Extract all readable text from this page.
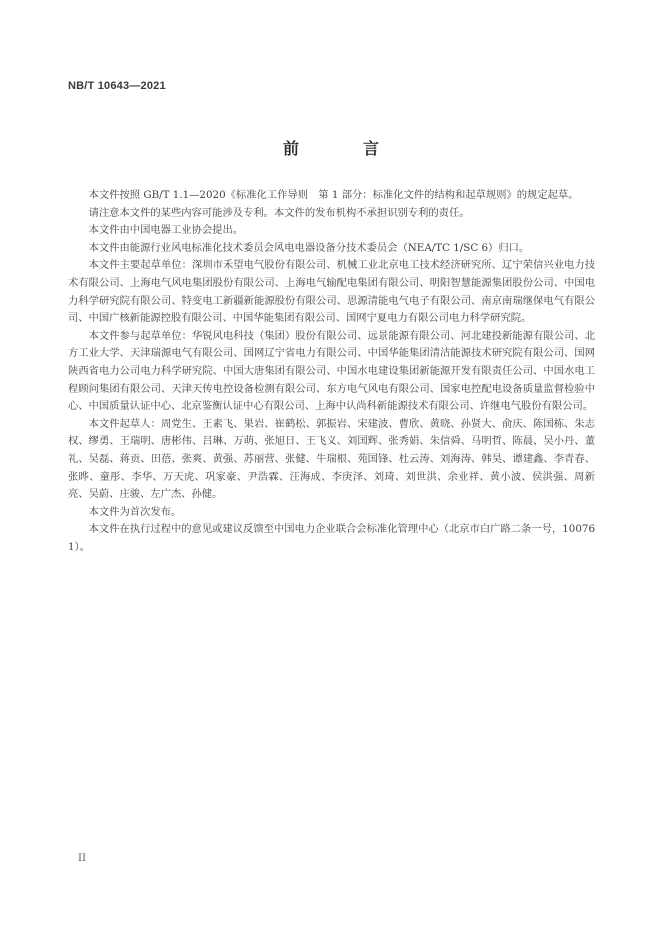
NB/T 10643—2021
前　言

本文件按照 GB/T 1.1—2020《标准化工作导则　第 1 部分：标准化文件的结构和起草规则》的规定起草。

请注意本文件的某些内容可能涉及专利。本文件的发布机构不承担识别专利的责任。

本文件由中国电器工业协会提出。

本文件由能源行业风电标准化技术委员会风电电器设备分技术委员会（NEA/TC 1/SC 6）归口。

本文件主要起草单位：深圳市禾望电气股份有限公司、机械工业北京电工技术经济研究所、辽宁荣信兴业电力技术有限公司、上海电气风电集团股份有限公司、上海电气输配电集团有限公司、明阳智慧能源集团股份公司、中国电力科学研究院有限公司、特变电工新疆新能源股份有限公司、思源清能电气电子有限公司、南京南瑞继保电气有限公司、中国广核新能源控股有限公司、中国华能集团有限公司、国网宁夏电力有限公司电力科学研究院。

本文件参与起草单位：华锐风电科技（集团）股份有限公司、远景能源有限公司、河北建投新能源有限公司、北方工业大学、天津瑞源电气有限公司、国网辽宁省电力有限公司、中国华能集团清洁能源技术研究院有限公司、国网陕西省电力公司电力科学研究院、中国大唐集团有限公司、中国水电建设集团新能源开发有限责任公司、中国水电工程顾问集团有限公司、天津天传电控设备检测有限公司、东方电气风电有限公司、国家电控配电设备质量监督检验中心、中国质量认证中心、北京鉴衡认证中心有限公司、上海中认尚科新能源技术有限公司、许继电气股份有限公司。

本文件起草人：周党生、王素飞、果岩、崔鹤松、郭振岩、宋建波、曹欣、黄晓、孙贤大、俞庆、陈国栋、朱志权、缪勇、王瑞明、唐彬伟、吕琳、万萌、张旭日、王飞义、刘国辉、张秀娟、朱信舜、马明哲、陈晨、吴小丹、董礼、吴磊、蒋贡、田蓓、张爽、黄强、苏丽营、张健、牛瑞根、苑国锋、杜云涛、刘海涛、韩昊、谭建鑫、李青春、张晔、童彤、李华、万天虎、巩家豪、尹浩霖、汪海成、李庚泽、刘琦、刘世洪、余业祥、黄小波、侯洪强、周新亮、吴蔚、庄骏、左广杰、孙健。

本文件为首次发布。

本文件在执行过程中的意见或建议反馈至中国电力企业联合会标准化管理中心（北京市白广路二条一号，100761）。

II
